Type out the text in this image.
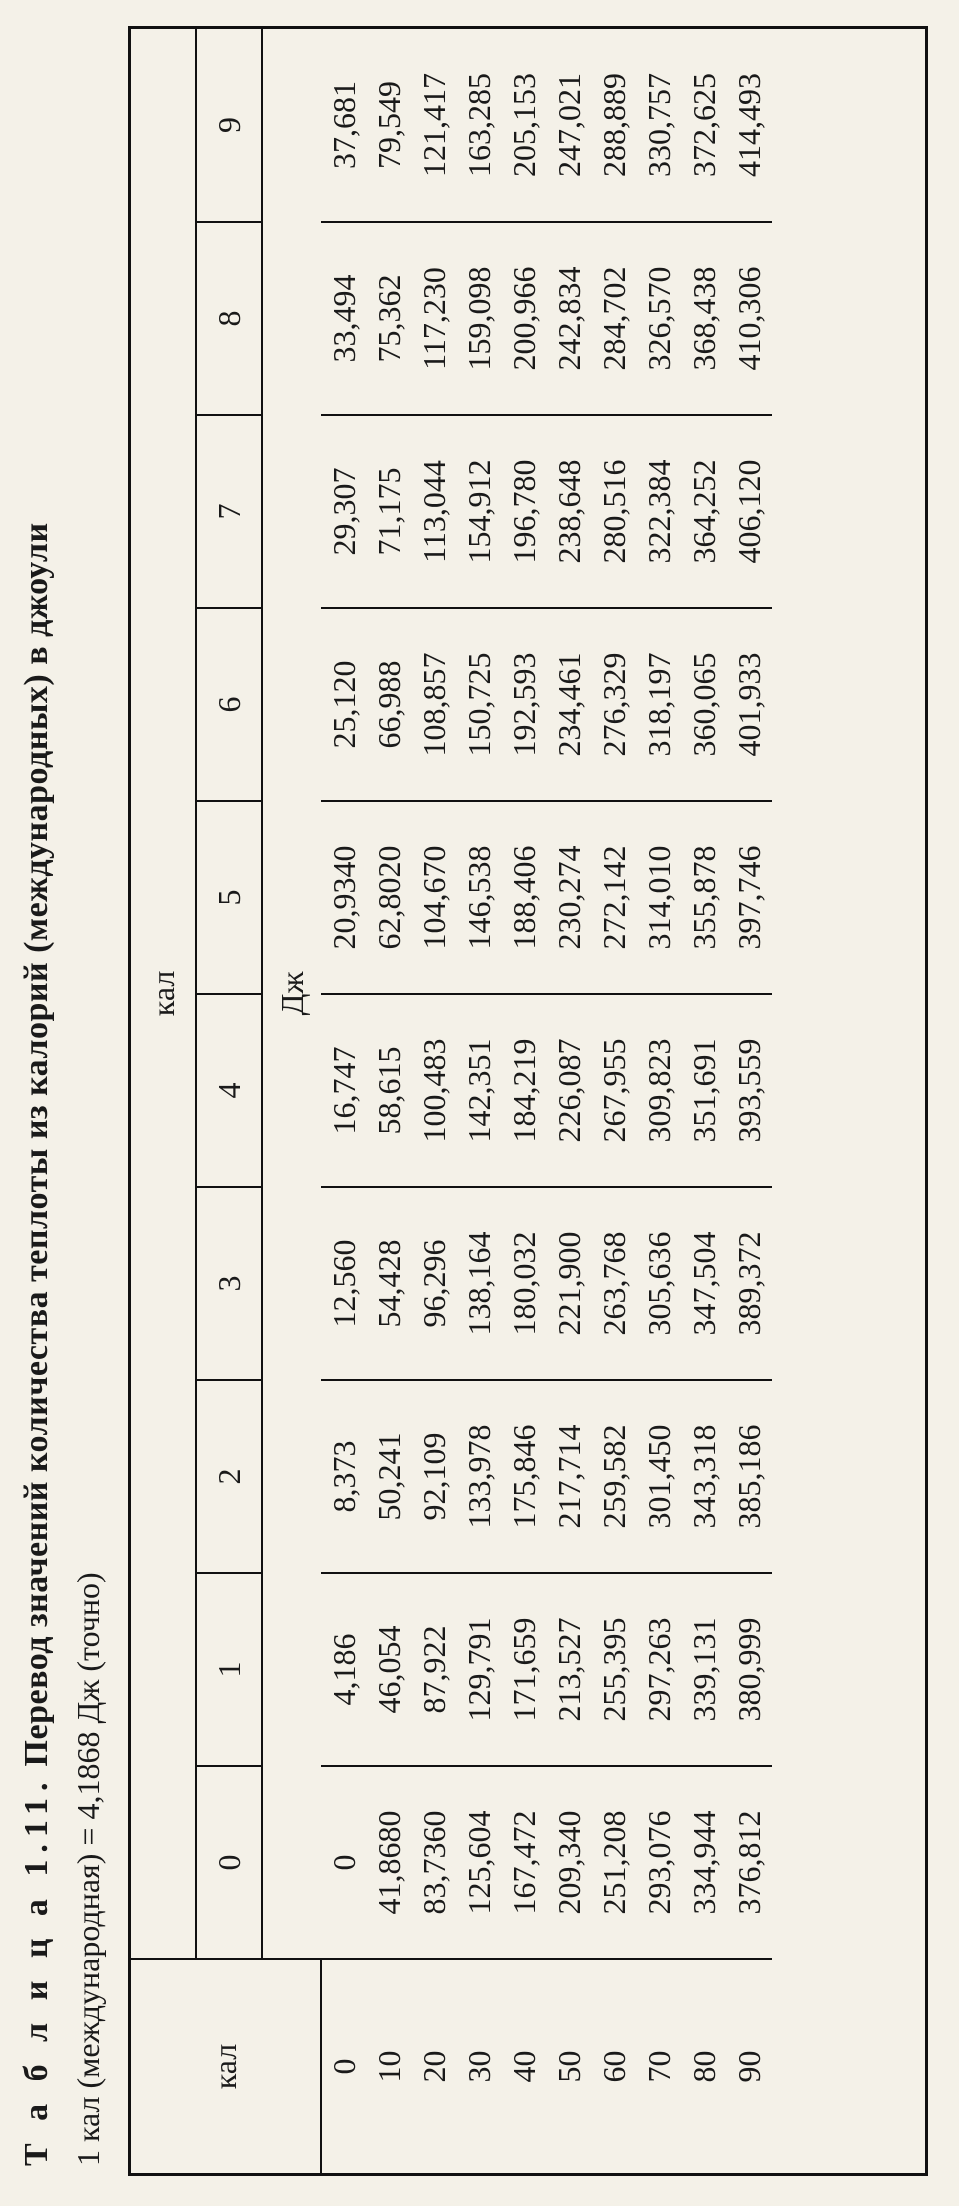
Т а б л и ц а 1.11. Перевод значений количества теплоты из калорий (международных) в джоули
1 кал (международная) = 4,1868 Дж (точно)	кал	кал									
	0	1	2	3	4	5	6	7	8	9
	Дж									
0	0	4,186	8,373	12,560	16,747	20,9340	25,120	29,307	33,494	37,681
10	41,8680	46,054	50,241	54,428	58,615	62,8020	66,988	71,175	75,362	79,549
20	83,7360	87,922	92,109	96,296	100,483	104,670	108,857	113,044	117,230	121,417
30	125,604	129,791	133,978	138,164	142,351	146,538	150,725	154,912	159,098	163,285
40	167,472	171,659	175,846	180,032	184,219	188,406	192,593	196,780	200,966	205,153
50	209,340	213,527	217,714	221,900	226,087	230,274	234,461	238,648	242,834	247,021
60	251,208	255,395	259,582	263,768	267,955	272,142	276,329	280,516	284,702	288,889
70	293,076	297,263	301,450	305,636	309,823	314,010	318,197	322,384	326,570	330,757
80	334,944	339,131	343,318	347,504	351,691	355,878	360,065	364,252	368,438	372,625
90	376,812	380,999	385,186	389,372	393,559	397,746	401,933	406,120	410,306	414,493
